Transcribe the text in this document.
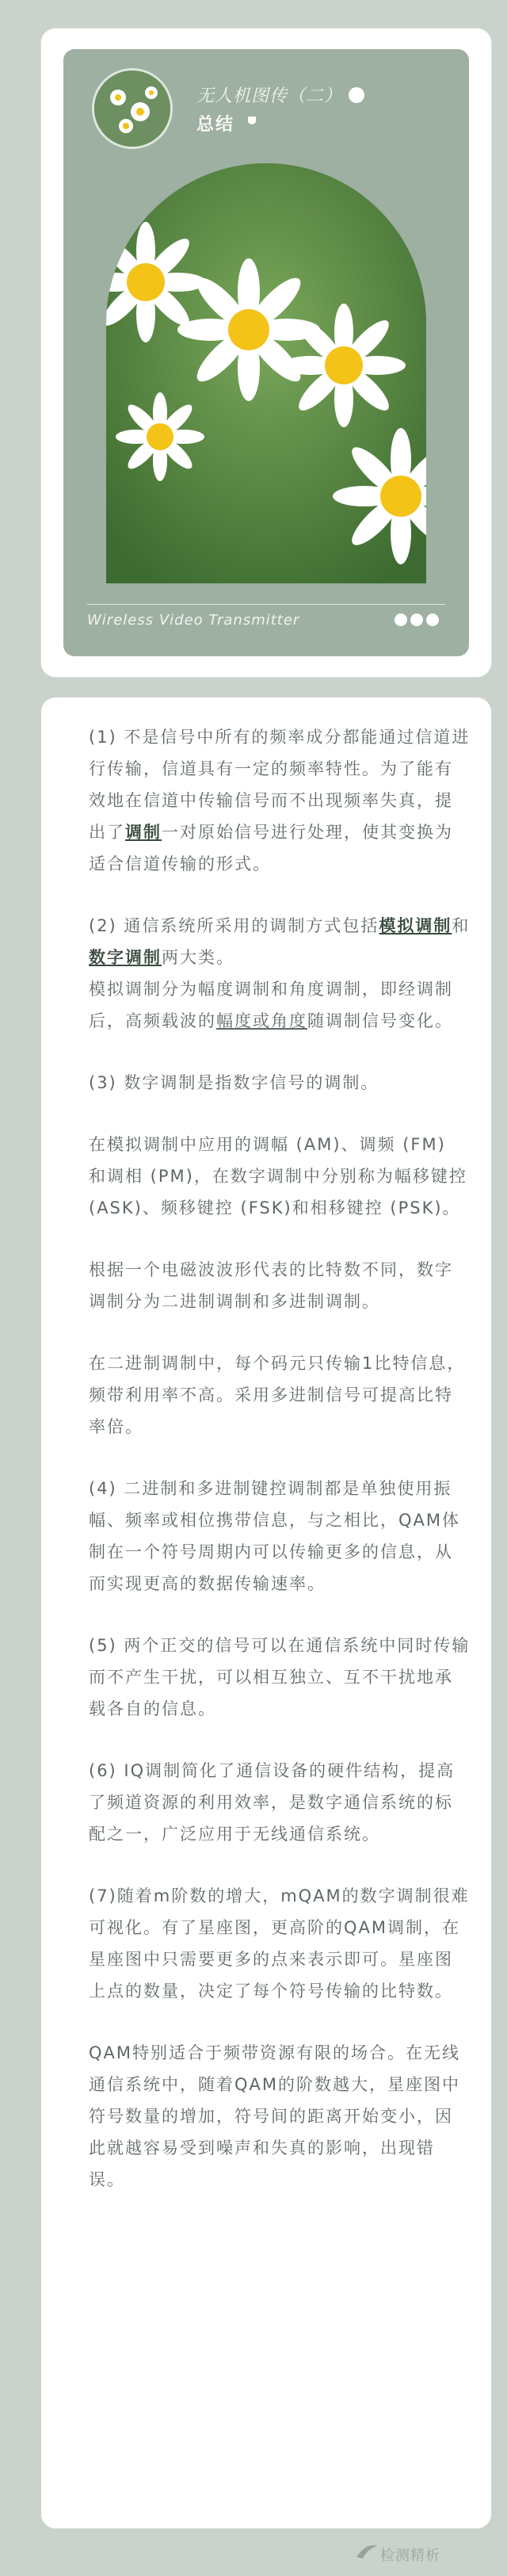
无人机图传（二）
总结
Wireless Video Transmitter

(1) 不是信号中所有的频率成分都能通过信道进行传输，信道具有一定的频率特性。为了能有效地在信道中传输信号而不出现频率失真，提出了调制一对原始信号进行处理，使其变换为适合信道传输的形式。

(2) 通信系统所采用的调制方式包括模拟调制和数字调制两大类。
模拟调制分为幅度调制和角度调制，即经调制后，高频载波的幅度或角度随调制信号变化。

(3) 数字调制是指数字信号的调制。

在模拟调制中应用的调幅 (AM)、调频 (FM) 和调相 (PM)，在数字调制中分别称为幅移键控 (ASK)、频移键控 (FSK)和相移键控 (PSK)。

根据一个电磁波波形代表的比特数不同，数字调制分为二进制调制和多进制调制。

在二进制调制中，每个码元只传输1比特信息，频带利用率不高。采用多进制信号可提高比特率倍。

(4) 二进制和多进制键控调制都是单独使用振幅、频率或相位携带信息，与之相比，QAM体制在一个符号周期内可以传输更多的信息，从而实现更高的数据传输速率。

(5) 两个正交的信号可以在通信系统中同时传输而不产生干扰，可以相互独立、互不干扰地承载各自的信息。

(6) IQ调制简化了通信设备的硬件结构，提高了频道资源的利用效率，是数字通信系统的标配之一，广泛应用于无线通信系统。

(7)随着m阶数的增大，mQAM的数字调制很难可视化。有了星座图，更高阶的QAM调制，在星座图中只需要更多的点来表示即可。星座图上点的数量，决定了每个符号传输的比特数。

QAM特别适合于频带资源有限的场合。在无线通信系统中，随着QAM的阶数越大，星座图中符号数量的增加，符号间的距离开始变小，因此就越容易受到噪声和失真的影响，出现错误。

检测精析
